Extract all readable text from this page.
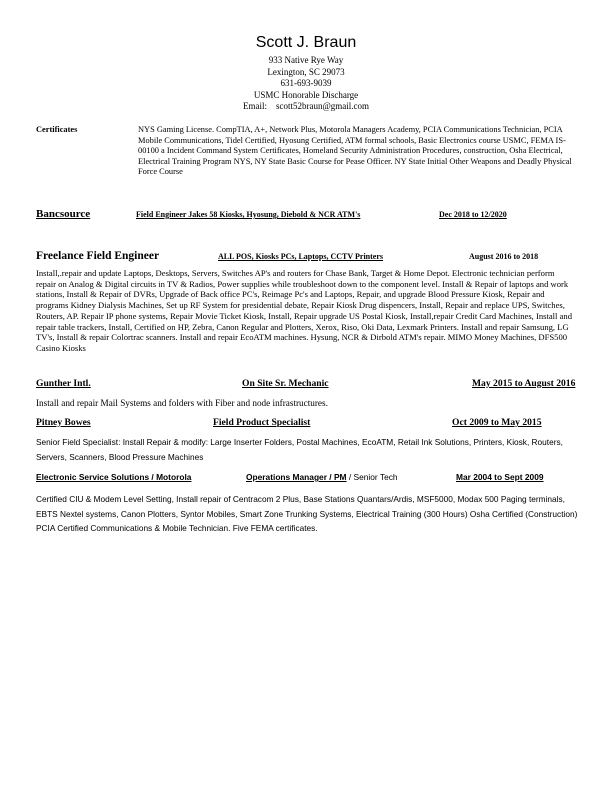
Scott J. Braun
933 Native Rye Way
Lexington, SC 29073
631-693-9039
USMC Honorable Discharge
Email: scott52braun@gmail.com
Certificates	NYS Gaming License. CompTIA, A+, Network Plus, Motorola Managers Academy, PCIA Communications Technician, PCIA Mobile Communications, Tidel Certified, Hyosung Certified, ATM formal schools, Basic Electronics course USMC, FEMA IS-00100 a Incident Command System Certificates, Homeland Security Administration Procedures, construction, Osha Electrical, Electrical Training Program NYS, NY State Basic Course for Pease Officer. NY State Initial Other Weapons and Deadly Physical Force Course
Bancsource	Field Engineer Jakes 58 Kiosks, Hyosung, Diebold & NCR ATM's	Dec 2018 to 12/2020
Freelance Field Engineer	ALL POS, Kiosks PCs, Laptops, CCTV Printers	August 2016 to 2018
Install,.repair and update Laptops, Desktops, Servers, Switches AP's and routers for Chase Bank, Target & Home Depot. Electronic technician perform repair on Analog & Digital circuits in TV & Radios, Power supplies while troubleshoot down to the component level. Install & Repair of laptops and work stations, Install & Repair of DVRs, Upgrade of Back office PC's, Reimage Pc's and Laptops, Repair, and upgrade Blood Pressure Kiosk, Repair and programs Kidney Dialysis Machines, Set up RF System for presidential debate, Repair Kiosk Drug dispencers, Install, Repair and replace UPS, Switches, Routers, AP. Repair IP phone systems, Repair Movie Ticket Kiosk, Install, Repair upgrade US Postal Kiosk, Install,repair Credit Card Machines, Install and repair table trackers, Install, Certified on HP, Zebra, Canon Regular and Plotters, Xerox, Riso, Oki Data, Lexmark Printers. Install and repair Samsung, LG TV's, Install & repair Colortrac scanners. Install and repair EcoATM machines. Hysung, NCR & Dirbold ATM's repair. MIMO Money Machines, DFS500 Casino Kiosks
Gunther Intl.	On Site Sr. Mechanic	May 2015 to August 2016
Install and repair Mail Systems and folders with Fiber and node infrastructures.
Pitney Bowes	Field Product Specialist	Oct 2009 to May 2015
Senior Field Specialist: Install Repair & modify: Large Inserter Folders, Postal Machines, EcoATM, Retail Ink Solutions, Printers, Kiosk, Routers, Servers, Scanners, Blood Pressure Machines
Electronic Service Solutions / Motorola	Operations Manager / PM / Senior Tech	Mar 2004 to Sept 2009
Certified CIU & Modem Level Setting, Install repair of Centracom 2 Plus, Base Stations Quantars/Ardis, MSF5000, Modax 500 Paging terminals, EBTS Nextel systems, Canon Plotters, Syntor Mobiles, Smart Zone Trunking Systems, Electrical Training (300 Hours) Osha Certified (Construction) PCIA Certified Communications & Mobile Technician. Five FEMA certificates.
